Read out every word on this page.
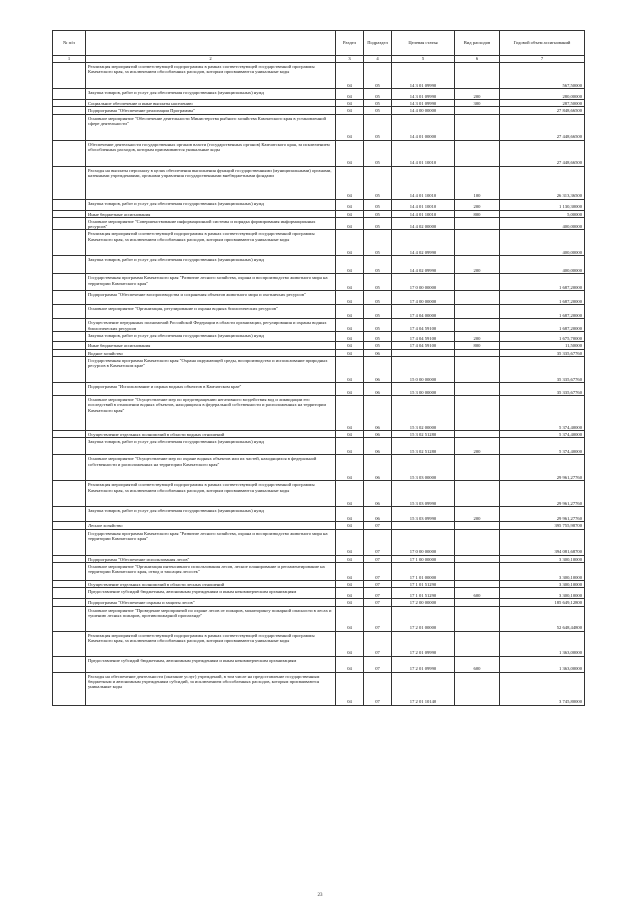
№ п/п		Раздел	Подраздел	Целевая статья	Вид расходов	Годовой объем ассигнований
1	2	3	4	5	6	7
	Реализация мероприятий соответствующей подпрограммы в рамках соответствующей государственной программы Камчатского края, за исключением обособленных расходов, которым присваиваются уникальные коды	04	05	14 3 01 09990		567,50000
	Закупка товаров, работ и услуг для обеспечения государственных (муниципальных) нужд	04	05	14 3 01 09990	200	280,00000
	Социальное обеспечение и иные выплаты населению	04	05	14 3 01 09990	300	287,50000
	Подпрограмма "Обеспечение реализации Программы"	04	05	14 4 00 00000		27 848,66500
	Основное мероприятие "Обеспечение деятельности Министерства рыбного хозяйства Камчатского края в установленной сфере деятельности"	04	05	14 4 01 00000		27 448,66500
	Обеспечение деятельности государственных органов власти (государственных органов) Камчатского края, за исключением обособленных расходов, которым присваиваются уникальные коды	04	05	14 4 01 10010		27 448,66500
	Расходы на выплаты персоналу в целях обеспечения выполнения функций государственными (муниципальными) органами, казенными учреждениями, органами управления государственными внебюджетными фондами	04	05	14 4 01 10010	100	26 313,36500
	Закупка товаров, работ и услуг для обеспечения государственных (муниципальных) нужд	04	05	14 4 01 10010	200	1 130,30000
	Иные бюджетные ассигнования	04	05	14 4 01 10010	800	5,00000
	Основное мероприятие "Совершенствование информационной системы и порядка формирования информационных ресурсов"	04	05	14 4 02 00000		400,00000
	Реализация мероприятий соответствующей подпрограммы в рамках соответствующей государственной программы Камчатского края, за исключением обособленных расходов, которым присваиваются уникальные коды	04	05	14 4 02 09990		400,00000
	Закупка товаров, работ и услуг для обеспечения государственных (муниципальных) нужд	04	05	14 4 02 09990	200	400,00000
	Государственная программа Камчатского края "Развитие лесного хозяйства, охрана и воспроизводство животного мира на территории Камчатского края"	04	05	17 0 00 00000		1 687,20000
	Подпрограмма "Обеспечение воспроизводства и сохранения объектов животного мира и охотничьих ресурсов"	04	05	17 4 00 00000		1 687,20000
	Основное мероприятие "Организация, регулирование и охрана водных биологических ресурсов"	04	05	17 4 04 00000		1 687,20000
	Осуществление переданных полномочий Российской Федерации в области организации, регулирования и охраны водных биологических ресурсов	04	05	17 4 04 59100		1 687,20000
	Закупка товаров, работ и услуг для обеспечения государственных (муниципальных) нужд	04	05	17 4 04 59100	200	1 675,70000
	Иные бюджетные ассигнования	04	05	17 4 04 59100	800	11,50000
	Водное хозяйство	04	06			35 335,67760
	Государственная программа Камчатского края "Охрана окружающей среды, воспроизводство и использование природных ресурсов в Камчатском крае"	04	06	15 0 00 00000		35 335,67760
	Подпрограмма "Использование и охрана водных объектов в Камчатском крае"	04	06	15 3 00 00000		35 335,67760
	Основное мероприятие "Осуществление мер по предотвращению негативного воздействия вод и ликвидации его последствий в отношении водных объектов, находящихся в федеральной собственности и расположенных на территории Камчатского края"	04	06	15 3 02 00000		5 374,40000
	Осуществление отдельных полномочий в области водных отношений	04	06	15 3 02 51280		5 374,40000
	Закупка товаров, работ и услуг для обеспечения государственных (муниципальных) нужд	04	06	15 3 02 51280	200	5 374,40000
	Основное мероприятие "Осуществление мер по охране водных объектов или их частей, находящихся в федеральной собственности и расположенных на территории Камчатского края"	04	06	15 3 03 00000		29 961,27760
	Реализация мероприятий соответствующей подпрограммы в рамках соответствующей государственной программы Камчатского края, за исключением обособленных расходов, которым присваиваются уникальные коды	04	06	15 3 03 09990		29 961,27760
	Закупка товаров, работ и услуг для обеспечения государственных (муниципальных) нужд	04	06	15 3 03 09990	200	29 961,27760
	Лесное хозяйство	04	07			395 755,98700
	Государственная программа Камчатского края "Развитие лесного хозяйства, охрана и воспроизводство животного мира на территории Камчатского края"	04	07	17 0 00 00000		394 081,68700
	Подпрограмма "Обеспечение использования лесов"	04	07	17 1 00 00000		3 300,10000
	Основное мероприятие "Организация интенсивного использования лесов, лесное планирование и регламентирование на территории Камчатского края, отвод и таксация лесосек"	04	07	17 1 01 00000		3 300,10000
	Осуществление отдельных полномочий в области лесных отношений	04	07	17 1 01 51290		3 300,10000
	Предоставление субсидий бюджетным, автономным учреждениям и иным некоммерческим организациям	04	07	17 1 01 51290	600	3 300,10000
	Подпрограмма "Обеспечение охраны и защиты лесов"	04	07	17 2 00 00000		185 649,12800
	Основное мероприятие "Проведение мероприятий по охране лесов от пожаров, мониторингу пожарной опасности в лесах и тушению лесных пожаров, противопожарной пропаганде"	04	07	17 2 01 00000		52 648,44800
	Реализация мероприятий соответствующей подпрограммы в рамках соответствующей государственной программы Камчатского края, за исключением обособленных расходов, которым присваиваются уникальные коды	04	07	17 2 01 09990		1 363,00000
	Предоставление субсидий бюджетным, автономным учреждениям и иным некоммерческим организациям	04	07	17 2 01 09990	600	1 363,00000
	Расходы на обеспечение деятельности (оказание услуг) учреждений, в том числе на предоставление государственным бюджетным и автономным учреждениям субсидий, за исключением обособленных расходов, которым присваиваются уникальные коды	04	07	17 2 01 10140		3 745,80000
23
